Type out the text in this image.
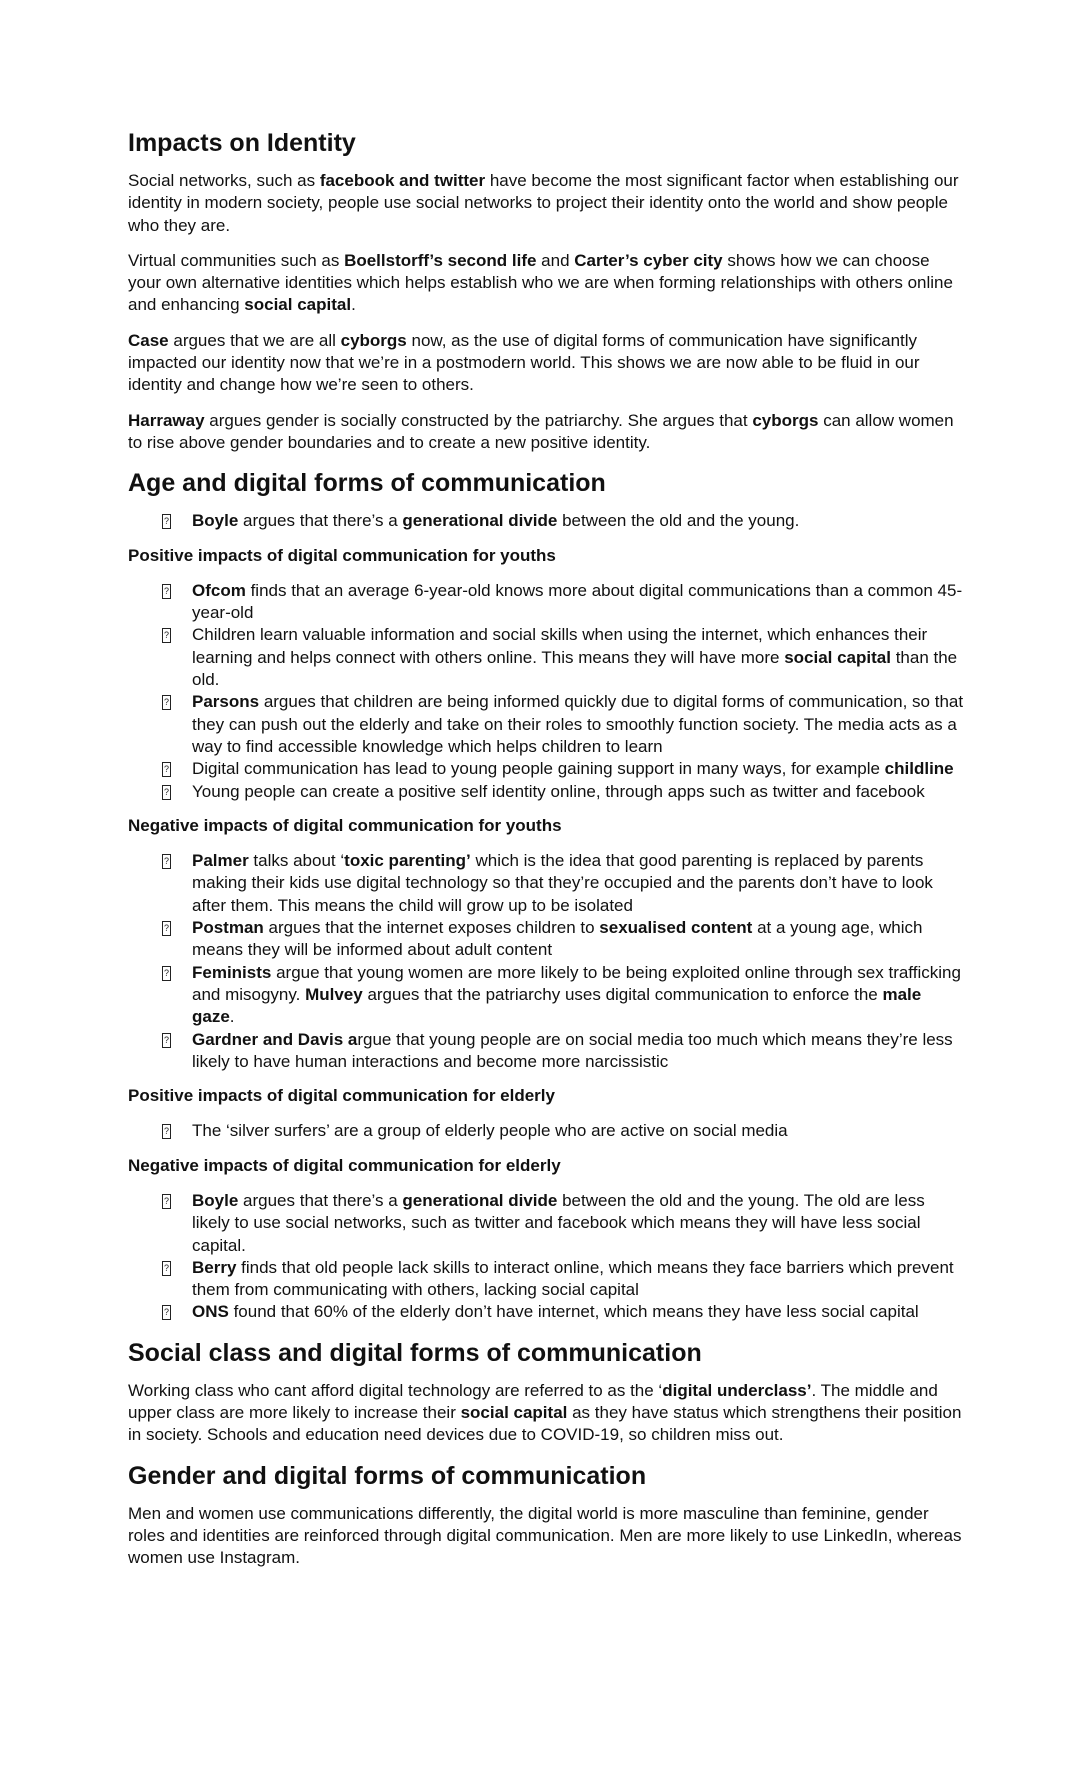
Impacts on Identity

Social networks, such as facebook and twitter have become the most significant factor when establishing our identity in modern society, people use social networks to project their identity onto the world and show people who they are.

Virtual communities such as Boellstorff’s second life and Carter’s cyber city shows how we can choose your own alternative identities which helps establish who we are when forming relationships with others online and enhancing social capital.

Case argues that we are all cyborgs now, as the use of digital forms of communication have significantly impacted our identity now that we’re in a postmodern world. This shows we are now able to be fluid in our identity and change how we’re seen to others.

Harraway argues gender is socially constructed by the patriarchy. She argues that cyborgs can allow women to rise above gender boundaries and to create a new positive identity.

Age and digital forms of communication
? Boyle argues that there’s a generational divide between the old and the young.
Positive impacts of digital communication for youths
? Ofcom finds that an average 6-year-old knows more about digital communications than a common 45-year-old
? Children learn valuable information and social skills when using the internet, which enhances their learning and helps connect with others online. This means they will have more social capital than the old.
? Parsons argues that children are being informed quickly due to digital forms of communication, so that they can push out the elderly and take on their roles to smoothly function society. The media acts as a way to find accessible knowledge which helps children to learn
? Digital communication has lead to young people gaining support in many ways, for example childline
? Young people can create a positive self identity online, through apps such as twitter and facebook
Negative impacts of digital communication for youths
? Palmer talks about ‘toxic parenting’ which is the idea that good parenting is replaced by parents making their kids use digital technology so that they’re occupied and the parents don’t have to look after them. This means the child will grow up to be isolated
? Postman argues that the internet exposes children to sexualised content at a young age, which means they will be informed about adult content
? Feminists argue that young women are more likely to be being exploited online through sex trafficking and misogyny. Mulvey argues that the patriarchy uses digital communication to enforce the male gaze.
? Gardner and Davis argue that young people are on social media too much which means they’re less likely to have human interactions and become more narcissistic
Positive impacts of digital communication for elderly
? The ‘silver surfers’ are a group of elderly people who are active on social media
Negative impacts of digital communication for elderly
? Boyle argues that there’s a generational divide between the old and the young. The old are less likely to use social networks, such as twitter and facebook which means they will have less social capital.
? Berry finds that old people lack skills to interact online, which means they face barriers which prevent them from communicating with others, lacking social capital
? ONS found that 60% of the elderly don’t have internet, which means they have less social capital
Social class and digital forms of communication

Working class who cant afford digital technology are referred to as the ‘digital underclass’. The middle and upper class are more likely to increase their social capital as they have status which strengthens their position in society. Schools and education need devices due to COVID-19, so children miss out.

Gender and digital forms of communication

Men and women use communications differently, the digital world is more masculine than feminine, gender roles and identities are reinforced through digital communication. Men are more likely to use LinkedIn, whereas women use Instagram.
